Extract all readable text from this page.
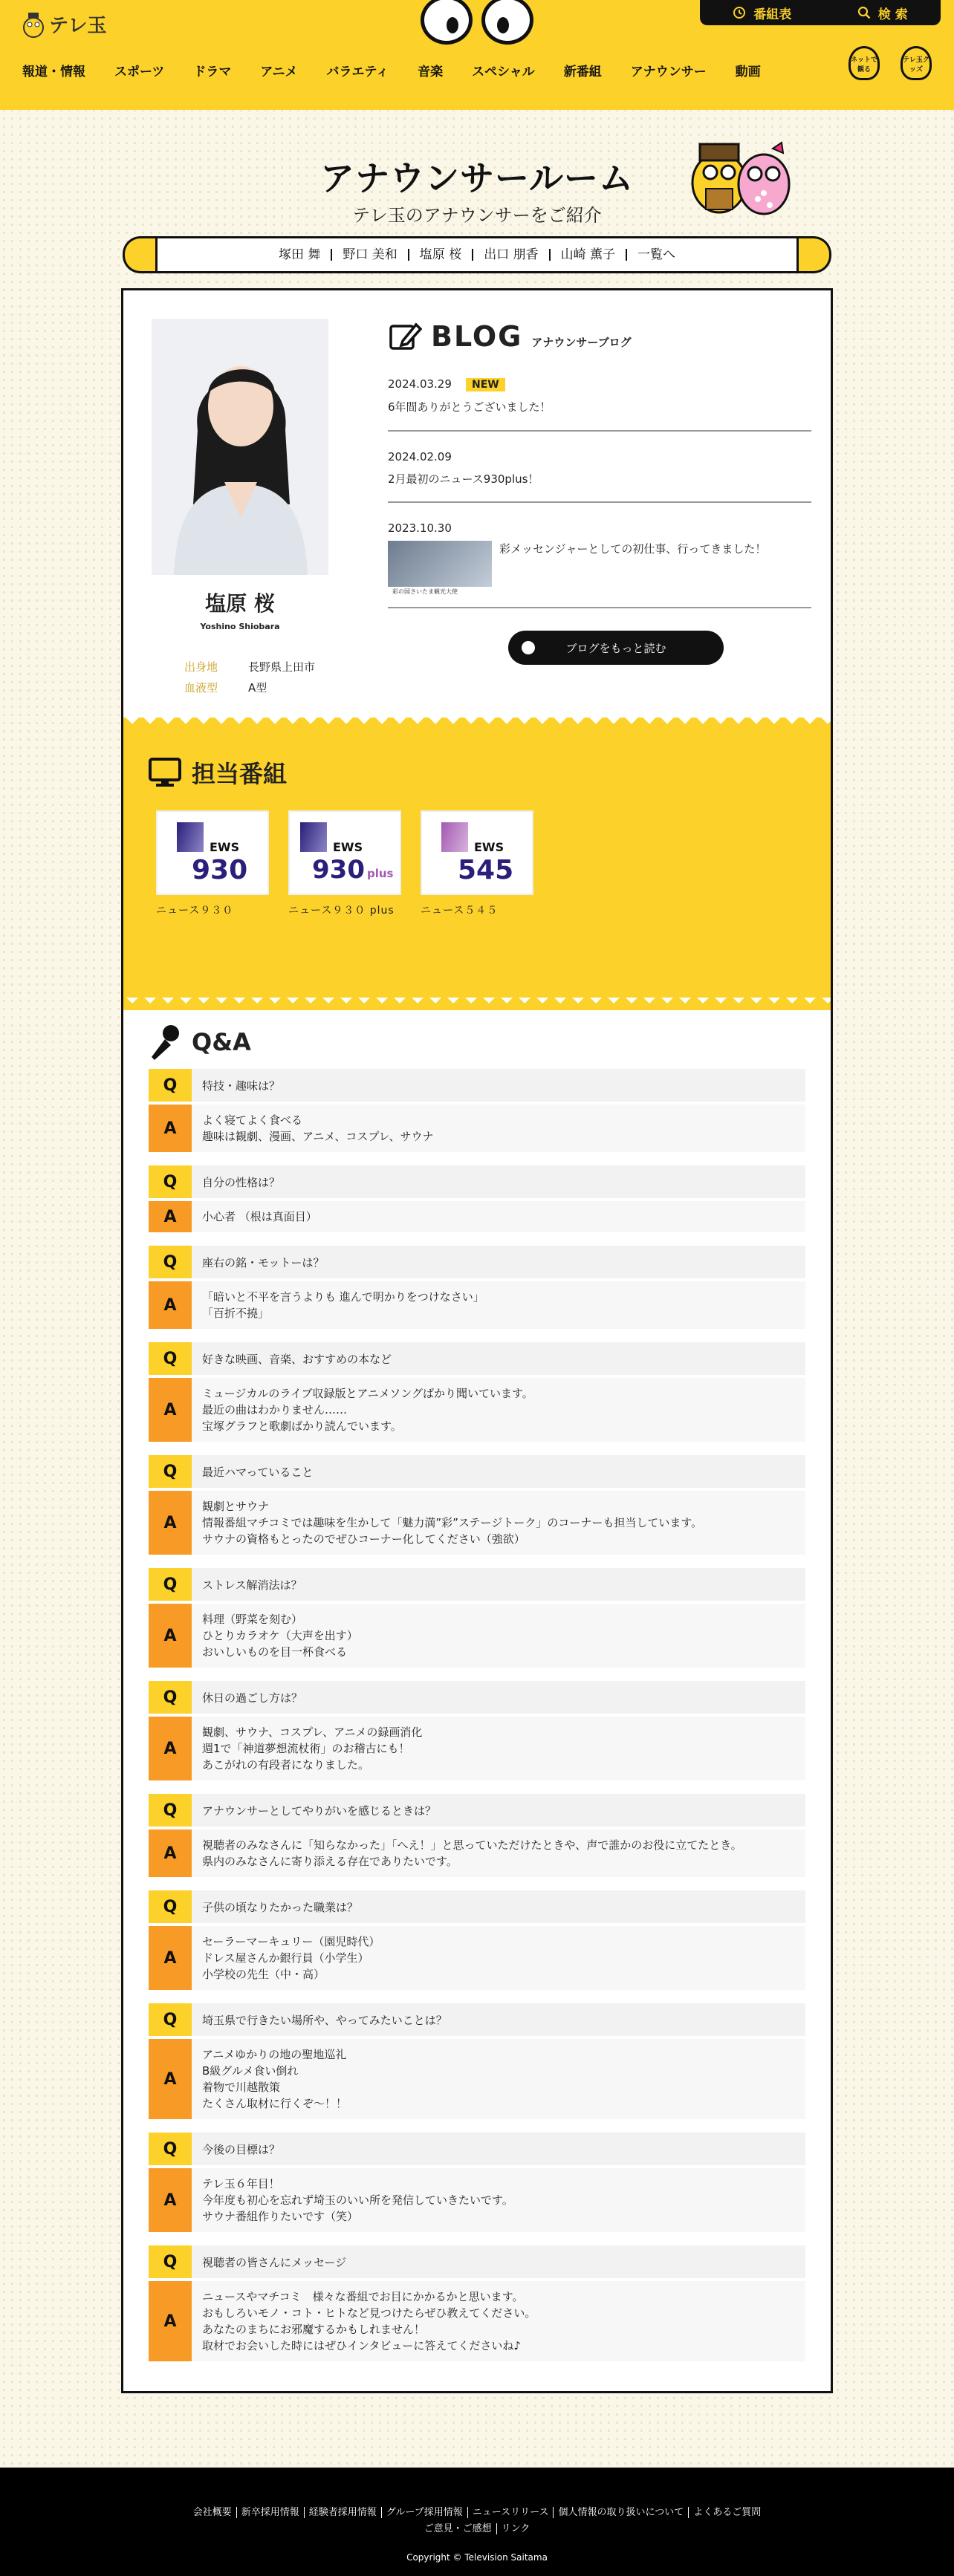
テレ玉
番組表	検 索
報道・情報 スポーツ ドラマ アニメ バラエティ 音楽 スペシャル 新番組 アナウンサー 動画
ネットで観る
テレ玉グッズ
アナウンサールーム
テレ玉のアナウンサーをご紹介
塚田 舞	野口 美和	塩原 桜	出口 朋香	山崎 薫子	一覧へ
塩原 桜
Yoshino Shiobara
出身地	長野県上田市
血液型	A型
BLOG アナウンサーブログ
2024.03.29 NEW
6年間ありがとうございました！
2024.02.09
2月最初のニュース930plus！
2023.10.30
彩の国さいたま観光大使
彩メッセンジャーとしての初仕事、行ってきました！
ブログをもっと読む
担当番組
EWS
930
ニュース９３０
EWS
930 plus
ニュース９３０ plus
EWS
545
ニュース５４５
Q&A
Q	特技・趣味は？
A	よく寝てよく食べる
趣味は観劇、漫画、アニメ、コスプレ、サウナ
Q	自分の性格は？
A	小心者 （根は真面目）
Q	座右の銘・モットーは？
A	「暗いと不平を言うよりも 進んで明かりをつけなさい」
「百折不撓」
Q	好きな映画、音楽、おすすめの本など
A
ミュージカルのライブ収録版とアニメソングばかり聞いています。
最近の曲はわかりません……
宝塚グラフと歌劇ばかり読んでいます。
Q	最近ハマっていること
A
観劇とサウナ
情報番組マチコミでは趣味を生かして「魅力満”彩”ステージトーク」のコーナーも担当しています。
サウナの資格もとったのでぜひコーナー化してください（強欲）
Q	ストレス解消法は？
A
料理（野菜を刻む）
ひとりカラオケ（大声を出す）
おいしいものを目一杯食べる
Q	休日の過ごし方は？
A
観劇、サウナ、コスプレ、アニメの録画消化
週1で「神道夢想流杖術」のお稽古にも！
あこがれの有段者になりました。
Q	アナウンサーとしてやりがいを感じるときは？
A	視聴者のみなさんに「知らなかった」「へえ！」と思っていただけたときや、声で誰かのお役に立てたとき。
県内のみなさんに寄り添える存在でありたいです。
Q	子供の頃なりたかった職業は？
A
セーラーマーキュリー（園児時代）
ドレス屋さんか銀行員（小学生）
小学校の先生（中・高）
Q	埼玉県で行きたい場所や、やってみたいことは？
A
アニメゆかりの地の聖地巡礼
B級グルメ食い倒れ
着物で川越散策
たくさん取材に行くぞ～！！
Q	今後の目標は？
A
テレ玉６年目！
今年度も初心を忘れず埼玉のいい所を発信していきたいです。
サウナ番組作りたいです（笑）
Q	視聴者の皆さんにメッセージ
A
ニュースやマチコミ　様々な番組でお目にかかるかと思います。
おもしろいモノ・コト・ヒトなど見つけたらぜひ教えてください。
あなたのまちにお邪魔するかもしれません！
取材でお会いした時にはぜひインタビューに答えてくださいね♪
会社概要 新卒採用情報 経験者採用情報 グループ採用情報 ニュースリリース 個人情報の取り扱いについて よくあるご質問
ご意見・ご感想 リンク
Copyright © Television Saitama
